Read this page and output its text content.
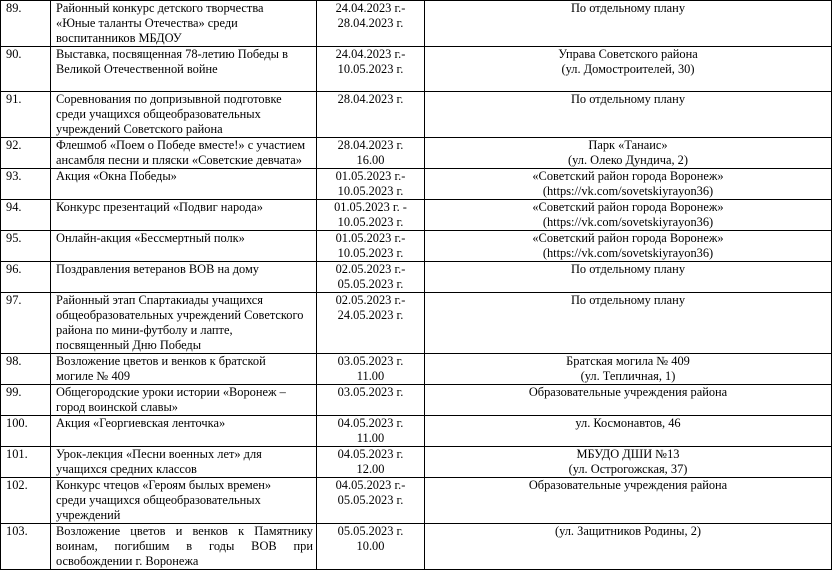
89.	Районный конкурс детского творчества
«Юные таланты Отечества» среди
воспитанников МБДОУ	24.04.2023 г.-
28.04.2023 г.	По отдельному плану

90.	Выставка, посвященная 78-летию Победы в
Великой Отечественной войне	24.04.2023 г.-
10.05.2023 г.	Управа Советского района
(ул. Домостроителей, 30)

91.	Соревнования по допризывной подготовке
среди учащихся общеобразовательных
учреждений Советского района	28.04.2023 г.	По отдельному плану

92.	Флешмоб «Поем о Победе вместе!» с участием
ансамбля песни и пляски «Советские девчата»	28.04.2023 г.
16.00	Парк «Танаис»
(ул. Олеко Дундича, 2)

93.	Акция «Окна Победы»	01.05.2023 г.-
10.05.2023 г.	«Советский район города Воронеж»
(https://vk.com/sovetskiyrayon36)

94.	Конкурс презентаций «Подвиг народа»	01.05.2023 г. -
10.05.2023 г.	«Советский район города Воронеж»
(https://vk.com/sovetskiyrayon36)

95.	Онлайн-акция «Бессмертный полк»	01.05.2023 г.-
10.05.2023 г.	«Советский район города Воронеж»
(https://vk.com/sovetskiyrayon36)

96.	Поздравления ветеранов ВОВ на дому	02.05.2023 г.-
05.05.2023 г.	По отдельному плану

97.	Районный этап Спартакиады учащихся
общеобразовательных учреждений Советского
района по мини-футболу и лапте,
посвященный Дню Победы	02.05.2023 г.-
24.05.2023 г.	По отдельному плану

98.	Возложение цветов и венков к братской
могиле № 409	03.05.2023 г.
11.00	Братская могила № 409
(ул. Тепличная, 1)

99.	Общегородские уроки истории «Воронеж –
город воинской славы»	03.05.2023 г.	Образовательные учреждения района

100.	Акция «Георгиевская ленточка»	04.05.2023 г.
11.00	ул. Космонавтов, 46

101.	Урок-лекция «Песни военных лет» для
учащихся средних классов	04.05.2023 г.
12.00	МБУДО ДШИ №13
(ул. Острогожская, 37)

102.	Конкурс чтецов «Героям былых времен»
среди учащихся общеобразовательных
учреждений	04.05.2023 г.-
05.05.2023 г.	Образовательные учреждения района

103.	Возложение цветов и венков к Памятнику
воинам, погибшим в годы ВОВ при
освобождении г. Воронежа	05.05.2023 г.
10.00	(ул. Защитников Родины, 2)
